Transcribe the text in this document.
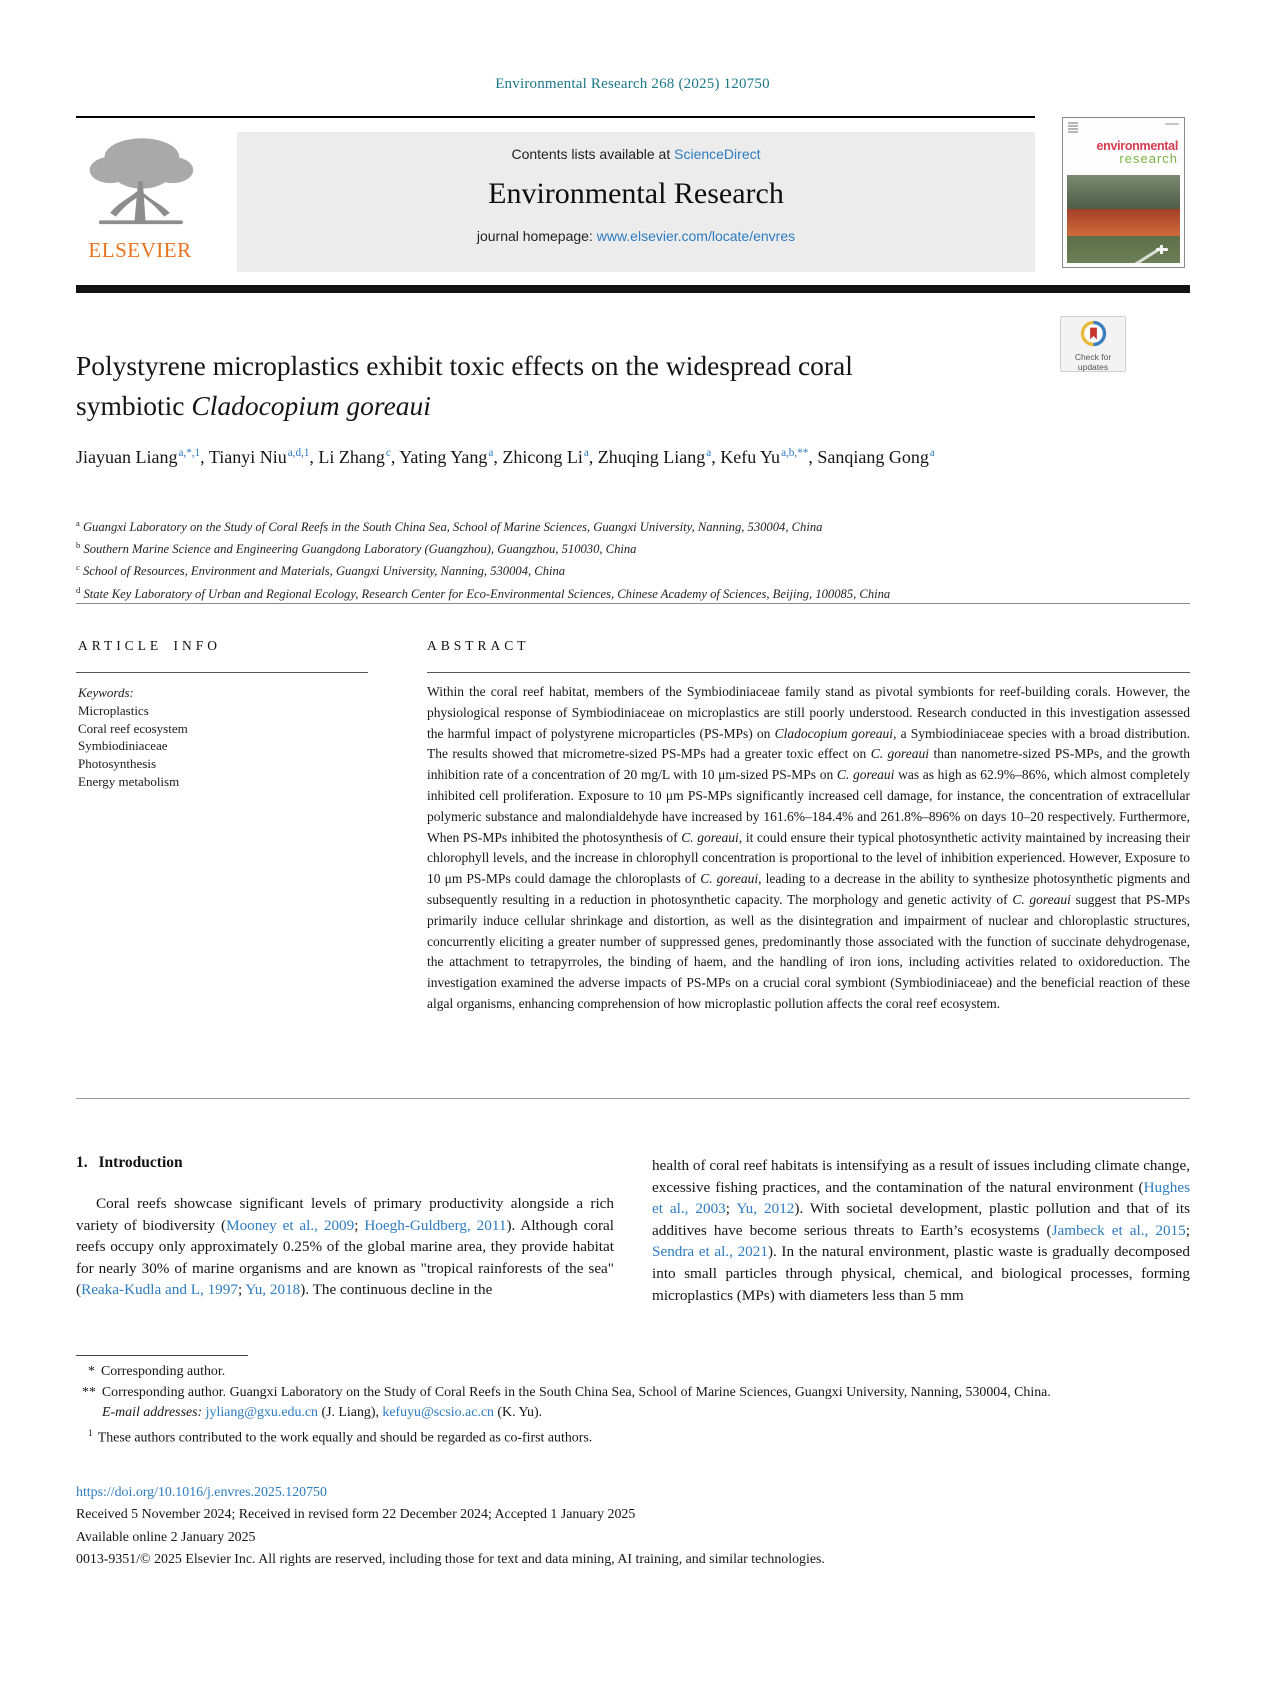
Environmental Research 268 (2025) 120750
ELSEVIER
Contents lists available at ScienceDirect
Environmental Research
journal homepage: www.elsevier.com/locate/envres
environmental
research
Check for
updates
Polystyrene microplastics exhibit toxic effects on the widespread coral symbiotic Cladocopium goreaui
Jiayuan Liang$^{a,*,1}$ , Tianyi Niu$^{a,d,1}$ , Li Zhang$^c$ , Yating Yang$^a$ , Zhicong Li$^a$ , Zhuqing Liang$^a$ , Kefu $Yu^{a,b,**}$ , Sanqiang Gong$^a$
$^a$ Guangxi Laboratory on the Study of Coral Reefs in the South China Sea, School of Marine Sciences, Guangxi University, Nanning, 530004, China
$^b$ Southern Marine Science and Engineering Guangdong Laboratory (Guangzhou), Guangzhou, 510030, China
$^c$ School of Resources, Environment and Materials, Guangxi University, Nanning, 530004, China
$^d$ State Key Laboratory of Urban and Regional Ecology, Research Center for Eco-Environmental Sciences, Chinese Academy of Sciences, Beijing, 100085, China
ARTICLE INFO
Keywords:
Microplastics
Coral reef ecosystem
Symbiodiniaceae
Photosynthesis
Energy metabolism
ABSTRACT
Within the coral reef habitat, members of the Symbiodiniaceae family stand as pivotal symbionts for reef-building corals. However, the physiological response of Symbiodiniaceae on microplastics are still poorly understood. Research conducted in this investigation assessed the harmful impact of polystyrene microparticles (PS-MPs) on Cladocopium goreaui, a Symbiodiniaceae species with a broad distribution. The results showed that micrometre-sized PS-MPs had a greater toxic effect on C. goreaui than nanometre-sized PS-MPs, and the growth inhibition rate of a concentration of 20 mg/L with 10 μm-sized PS-MPs on C. goreaui was as high as 62.9%–86%, which almost completely inhibited cell proliferation. Exposure to 10 μm PS-MPs significantly increased cell damage, for instance, the concentration of extracellular polymeric substance and malondialdehyde have increased by 161.6%–184.4% and 261.8%–896% on days 10–20 respectively. Furthermore, When PS-MPs inhibited the photosynthesis of C. goreaui, it could ensure their typical photosynthetic activity maintained by increasing their chlorophyll levels, and the increase in chlorophyll concentration is proportional to the level of inhibition experienced. However, Exposure to 10 μm PS-MPs could damage the chloroplasts of C. goreaui, leading to a decrease in the ability to synthesize photosynthetic pigments and subsequently resulting in a reduction in photosynthetic capacity. The morphology and genetic activity of C. goreaui suggest that PS-MPs primarily induce cellular shrinkage and distortion, as well as the disintegration and impairment of nuclear and chloroplastic structures, concurrently eliciting a greater number of suppressed genes, predominantly those associated with the function of succinate dehydrogenase, the attachment to tetrapyrroles, the binding of haem, and the handling of iron ions, including activities related to oxidoreduction. The investigation examined the adverse impacts of PS-MPs on a crucial coral symbiont (Symbiodiniaceae) and the beneficial reaction of these algal organisms, enhancing comprehension of how microplastic pollution affects the coral reef ecosystem.
1. Introduction
Coral reefs showcase significant levels of primary productivity alongside a rich variety of biodiversity (Mooney et al., 2009; Hoegh-Guldberg, 2011). Although coral reefs occupy only approximately 0.25% of the global marine area, they provide habitat for nearly 30% of marine organisms and are known as "tropical rainforests of the sea" (Reaka-Kudla and L, 1997; Yu, 2018). The continuous decline in the
health of coral reef habitats is intensifying as a result of issues including climate change, excessive fishing practices, and the contamination of the natural environment (Hughes et al., 2003; Yu, 2012). With societal development, plastic pollution and that of its additives have become serious threats to Earth’s ecosystems (Jambeck et al., 2015; Sendra et al., 2021). In the natural environment, plastic waste is gradually decomposed into small particles through physical, chemical, and biological processes, forming microplastics (MPs) with diameters less than 5 mm
* Corresponding author.
** Corresponding author. Guangxi Laboratory on the Study of Coral Reefs in the South China Sea, School of Marine Sciences, Guangxi University, Nanning, 530004, China.
E-mail addresses: jyliang@gxu.edu.cn (J. Liang), kefuyu@scsio.ac.cn (K. Yu).
$^1$ These authors contributed to the work equally and should be regarded as co-first authors.
https://doi.org/10.1016/j.envres.2025.120750
Received 5 November 2024; Received in revised form 22 December 2024; Accepted 1 January 2025
Available online 2 January 2025
0013-9351/© 2025 Elsevier Inc. All rights are reserved, including those for text and data mining, AI training, and similar technologies.
